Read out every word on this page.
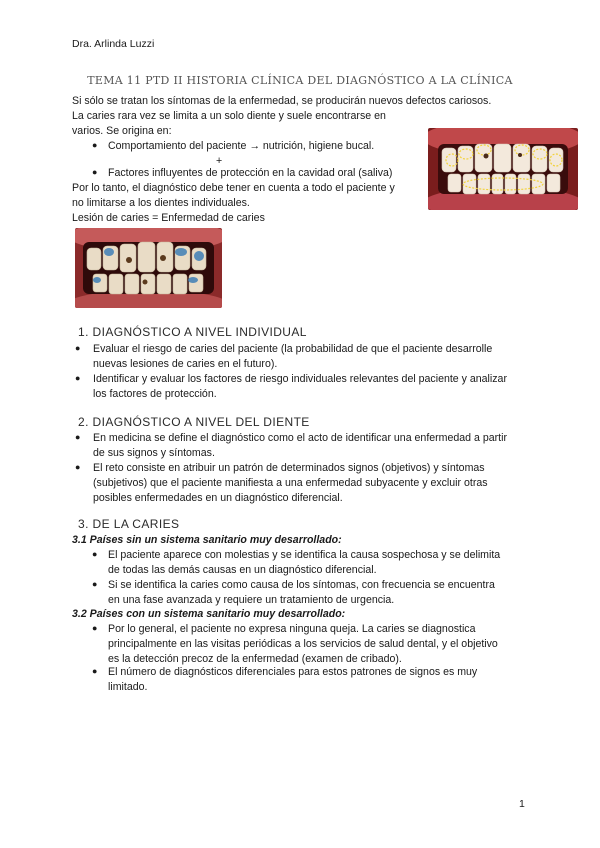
Dra. Arlinda Luzzi
TEMA 11 PTD II HISTORIA CLÍNICA DEL DIAGNÓSTICO A LA CLÍNICA
Si sólo se tratan los síntomas de la enfermedad, se producirán nuevos defectos cariosos.
La caries rara vez se limita a un solo diente y suele encontrarse en
varios. Se origina en:
● Comportamiento del paciente → nutrición, higiene bucal.
+
● Factores influyentes de protección en la cavidad oral (saliva)
Por lo tanto, el diagnóstico debe tener en cuenta a todo el paciente y
no limitarse a los dientes individuales.
Lesión de caries = Enfermedad de caries
1. DIAGNÓSTICO A NIVEL INDIVIDUAL
● Evaluar el riesgo de caries del paciente (la probabilidad de que el paciente desarrolle
nuevas lesiones de caries en el futuro).
● Identificar y evaluar los factores de riesgo individuales relevantes del paciente y analizar
los factores de protección.
2. DIAGNÓSTICO A NIVEL DEL DIENTE
● En medicina se define el diagnóstico como el acto de identificar una enfermedad a partir
de sus signos y síntomas.
● El reto consiste en atribuir un patrón de determinados signos (objetivos) y síntomas
(subjetivos) que el paciente manifiesta a una enfermedad subyacente y excluir otras
posibles enfermedades en un diagnóstico diferencial.
3. DE LA CARIES
3.1 Países sin un sistema sanitario muy desarrollado:
● El paciente aparece con molestias y se identifica la causa sospechosa y se delimita
de todas las demás causas en un diagnóstico diferencial.
● Si se identifica la caries como causa de los síntomas, con frecuencia se encuentra
en una fase avanzada y requiere un tratamiento de urgencia.
3.2 Países con un sistema sanitario muy desarrollado:
● Por lo general, el paciente no expresa ninguna queja. La caries se diagnostica
principalmente en las visitas periódicas a los servicios de salud dental, y el objetivo
es la detección precoz de la enfermedad (examen de cribado).
● El número de diagnósticos diferenciales para estos patrones de signos es muy
limitado.
1
